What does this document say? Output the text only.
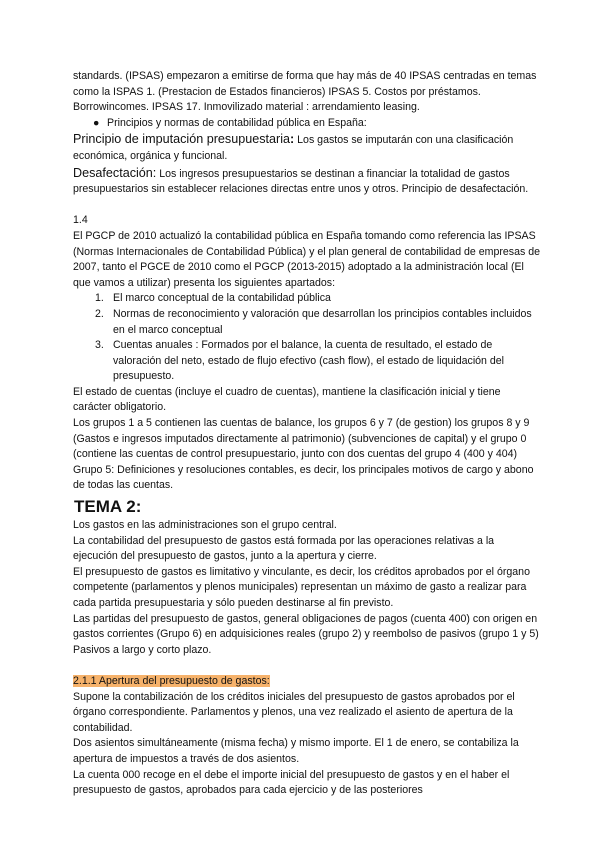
standards. (IPSAS) empezaron a emitirse de forma que hay más de 40 IPSAS centradas en temas como la ISPAS 1. (Prestacion de Estados financieros) IPSAS 5. Costos por préstamos. Borrowincomes. IPSAS 17. Inmovilizado material : arrendamiento leasing.

● Principios y normas de contabilidad pública en España:

Principio de imputación presupuestaria: Los gastos se imputarán con una clasificación económica, orgánica y funcional.

Desafectación: Los ingresos presupuestarios se destinan a financiar la totalidad de gastos presupuestarios sin establecer relaciones directas entre unos y otros. Principio de desafectación.

1.4

El PGCP de 2010 actualizó la contabilidad pública en España tomando como referencia las IPSAS (Normas Internacionales de Contabilidad Pública) y el plan general de contabilidad de empresas de 2007, tanto el PGCE de 2010 como el PGCP (2013-2015) adoptado a la administración local (El que vamos a utilizar) presenta los siguientes apartados:

1. El marco conceptual de la contabilidad pública
2. Normas de reconocimiento y valoración que desarrollan los principios contables incluidos en el marco conceptual
3. Cuentas anuales : Formados por el balance, la cuenta de resultado, el estado de valoración del neto, estado de flujo efectivo (cash flow), el estado de liquidación del presupuesto.

El estado de cuentas (incluye el cuadro de cuentas), mantiene la clasificación inicial y tiene carácter obligatorio.

Los grupos 1 a 5 contienen las cuentas de balance, los grupos 6 y 7 (de gestion) los grupos 8 y 9 (Gastos e ingresos imputados directamente al patrimonio) (subvenciones de capital) y el grupo 0 (contiene las cuentas de control presupuestario, junto con dos cuentas del grupo 4 (400 y 404) Grupo 5: Definiciones y resoluciones contables, es decir, los principales motivos de cargo y abono de todas las cuentas.

TEMA 2:

Los gastos en las administraciones son el grupo central.

La contabilidad del presupuesto de gastos está formada por las operaciones relativas a la ejecución del presupuesto de gastos, junto a la apertura y cierre.

El presupuesto de gastos es limitativo y vinculante, es decir, los créditos aprobados por el órgano competente (parlamentos y plenos municipales) representan un máximo de gasto a realizar para cada partida presupuestaria y sólo pueden destinarse al fin previsto.

Las partidas del presupuesto de gastos, general obligaciones de pagos (cuenta 400) con origen en gastos corrientes (Grupo 6) en adquisiciones reales (grupo 2) y reembolso de pasivos (grupo 1 y 5) Pasivos a largo y corto plazo.

2.1.1 Apertura del presupuesto de gastos:

Supone la contabilización de los créditos iniciales del presupuesto de gastos aprobados por el órgano correspondiente. Parlamentos y plenos, una vez realizado el asiento de apertura de la contabilidad.

Dos asientos simultáneamente (misma fecha) y mismo importe. El 1 de enero, se contabiliza la apertura de impuestos a través de dos asientos.

La cuenta 000 recoge en el debe el importe inicial del presupuesto de gastos y en el haber el presupuesto de gastos, aprobados para cada ejercicio y de las posteriores
